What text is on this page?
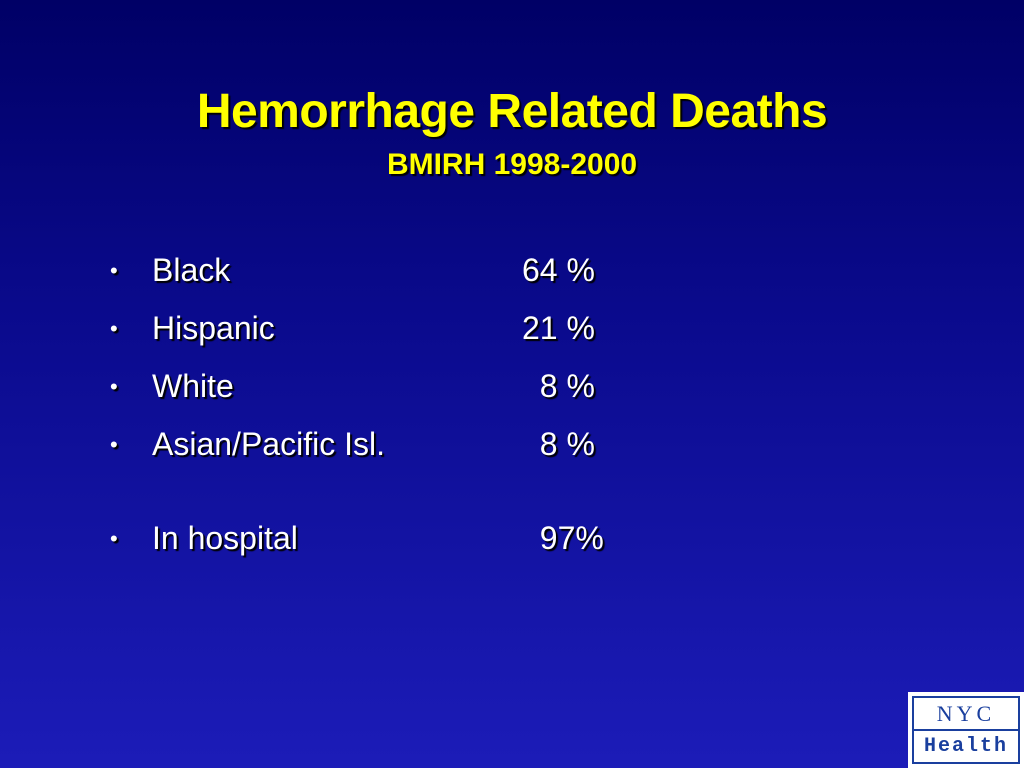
Hemorrhage Related Deaths
BMIRH 1998-2000
• Black	64 %
• Hispanic	21 %
• White	8 %
• Asian/Pacific Isl.	8 %
• In hospital	97%
NYC
Health
